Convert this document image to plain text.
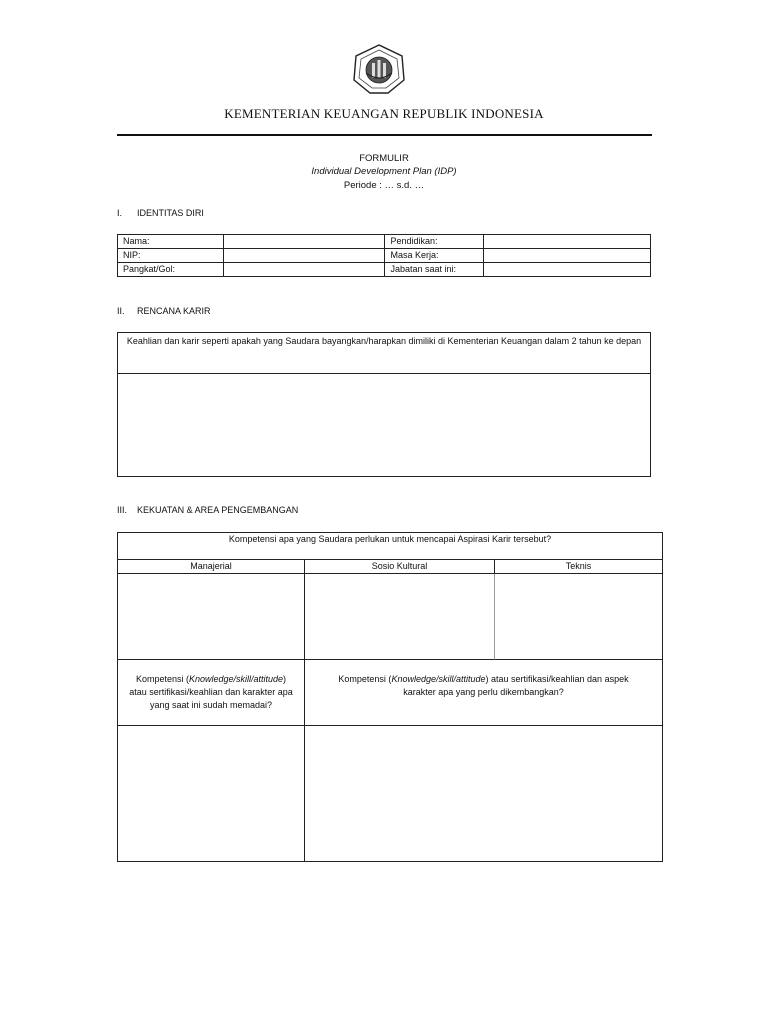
KEMENTERIAN KEUANGAN REPUBLIK INDONESIA
FORMULIR
Individual Development Plan (IDP)
Periode : … s.d. …
I. IDENTITAS DIRI
Nama:		Pendidikan:	
NIP:		Masa Kerja:	
Pangkat/Gol:		Jabatan saat ini:	
II. RENCANA KARIR
Keahlian dan karir seperti apakah yang Saudara bayangkan/harapkan dimiliki di Kementerian Keuangan dalam 2 tahun ke depan
III. KEKUATAN & AREA PENGEMBANGAN
Kompetensi apa yang Saudara perlukan untuk mencapai Aspirasi Karir tersebut?
Manajerial	Sosio Kultural	Teknis
Kompetensi (Knowledge/skill/attitude) atau sertifikasi/keahlian dan karakter apa yang saat ini sudah memadai?
Kompetensi (Knowledge/skill/attitude) atau sertifikasi/keahlian dan aspek karakter apa yang perlu dikembangkan?
